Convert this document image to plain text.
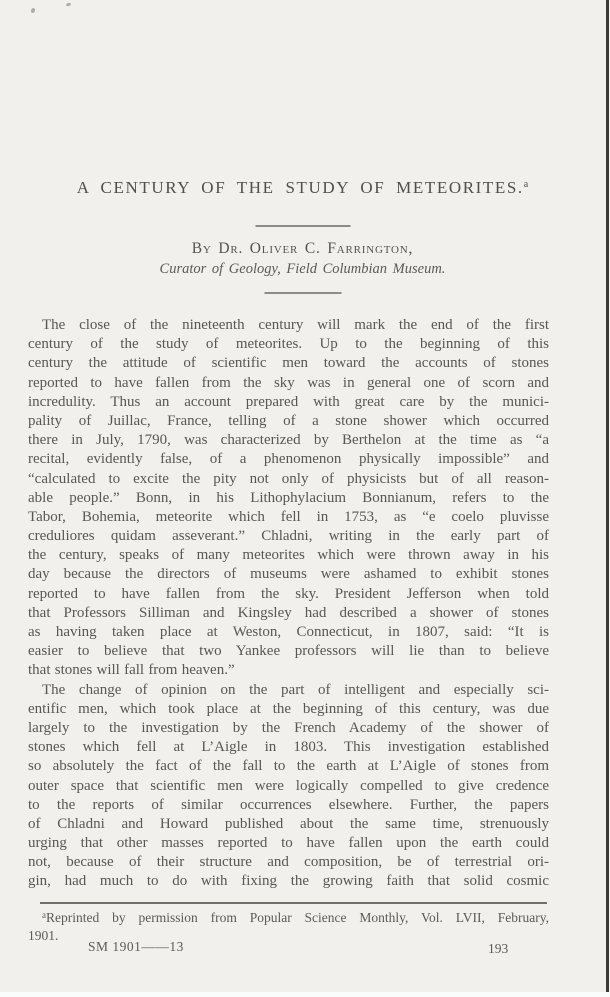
A CENTURY OF THE STUDY OF METEORITES.$^a$
By Dr. Oliver C. Farrington,
Curator of Geology, Field Columbian Museum.
The close of the nineteenth century will mark the end of the first
century of the study of meteorites. Up to the beginning of this
century the attitude of scientific men toward the accounts of stones
reported to have fallen from the sky was in general one of scorn and
incredulity. Thus an account prepared with great care by the munici-
pality of Juillac, France, telling of a stone shower which occurred
there in July, 1790, was characterized by Berthelon at the time as “a
recital, evidently false, of a phenomenon physically impossible” and
“calculated to excite the pity not only of physicists but of all reason-
able people.” Bonn, in his Lithophylacium Bonnianum, refers to the
Tabor, Bohemia, meteorite which fell in 1753, as “e coelo pluvisse
creduliores quidam asseverant.” Chladni, writing in the early part of
the century, speaks of many meteorites which were thrown away in his
day because the directors of museums were ashamed to exhibit stones
reported to have fallen from the sky. President Jefferson when told
that Professors Silliman and Kingsley had described a shower of stones
as having taken place at Weston, Connecticut, in 1807, said: “It is
easier to believe that two Yankee professors will lie than to believe
that stones will fall from heaven.”
The change of opinion on the part of intelligent and especially sci-
entific men, which took place at the beginning of this century, was due
largely to the investigation by the French Academy of the shower of
stones which fell at L’Aigle in 1803. This investigation established
so absolutely the fact of the fall to the earth at L’Aigle of stones from
outer space that scientific men were logically compelled to give credence
to the reports of similar occurrences elsewhere. Further, the papers
of Chladni and Howard published about the same time, strenuously
urging that other masses reported to have fallen upon the earth could
not, because of their structure and composition, be of terrestrial ori-
gin, had much to do with fixing the growing faith that solid cosmic
$^a$Reprinted by permission from Popular Science Monthly, Vol. LVII, February,
1901.
SM 1901——13	193
